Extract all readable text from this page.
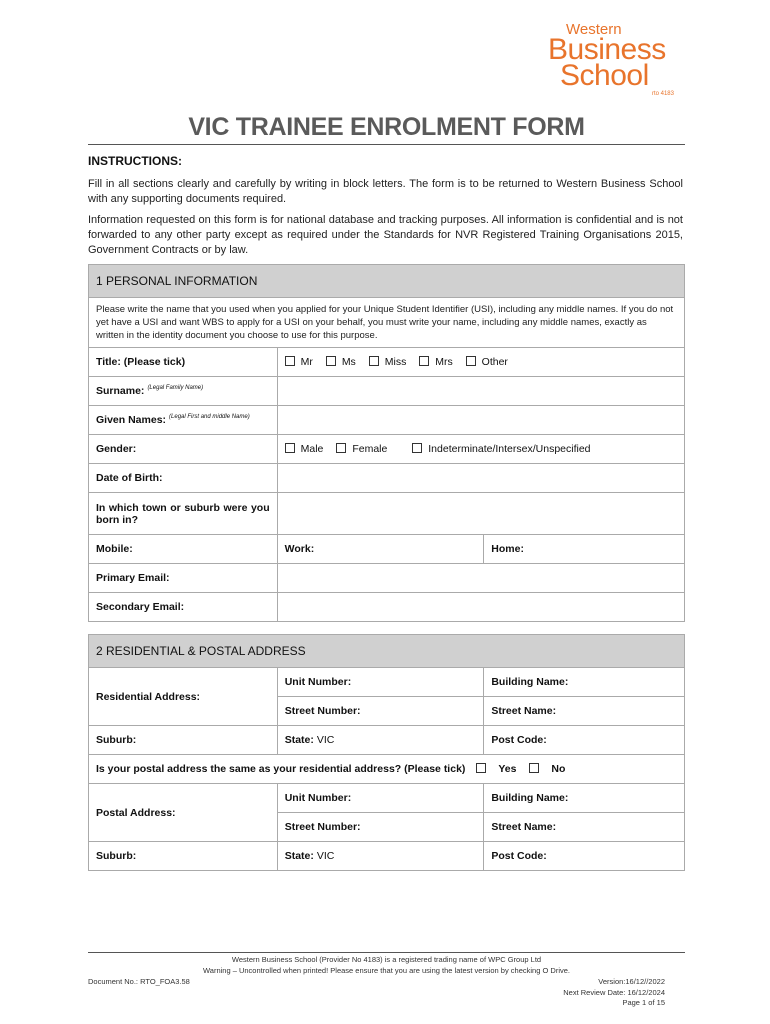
Western
Business
School
rto 4183
VIC TRAINEE ENROLMENT FORM
INSTRUCTIONS:
Fill in all sections clearly and carefully by writing in block letters. The form is to be returned to Western Business School with any supporting documents required.
Information requested on this form is for national database and tracking purposes. All information is confidential and is not forwarded to any other party except as required under the Standards for NVR Registered Training Organisations 2015, Government Contracts or by law.
1 PERSONAL INFORMATION		
Please write the name that you used when you applied for your Unique Student Identifier (USI), including any middle names. If you do not yet have a USI and want WBS to apply for a USI on your behalf, you must write your name, including any middle names, exactly as written in the identity document you choose to use for this purpose.		
Title: (Please tick)	Mr Ms Miss Mrs Other	
Surname: $^{(Legal Family Name)}$	
Given Names: $^{(Legal First and middle Name)}$	
Gender:	Male Female Indeterminate/Intersex/Unspecified	
Date of Birth:		
In which town or suburb were you born in?		
Mobile:	Work:	Home:
Primary Email:		
Secondary Email:		
2 RESIDENTIAL & POSTAL ADDRESS		
Residential Address:	Unit Number:	Building Name:
	Street Number:	Street Name:
Suburb:	State: VIC	Post Code:
Is your postal address the same as your residential address? (Please tick) Yes No		
Postal Address:	Unit Number:	Building Name:
	Street Number:	Street Name:
Suburb:	State: VIC	Post Code:
Western Business School (Provider No 4183) is a registered trading name of WPC Group Ltd
Warning – Uncontrolled when printed! Please ensure that you are using the latest version by checking O Drive.
Document No.: RTO_FOA3.58	Version:16/12//2022
Next Review Date: 16/12/2024
Page 1 of 15
